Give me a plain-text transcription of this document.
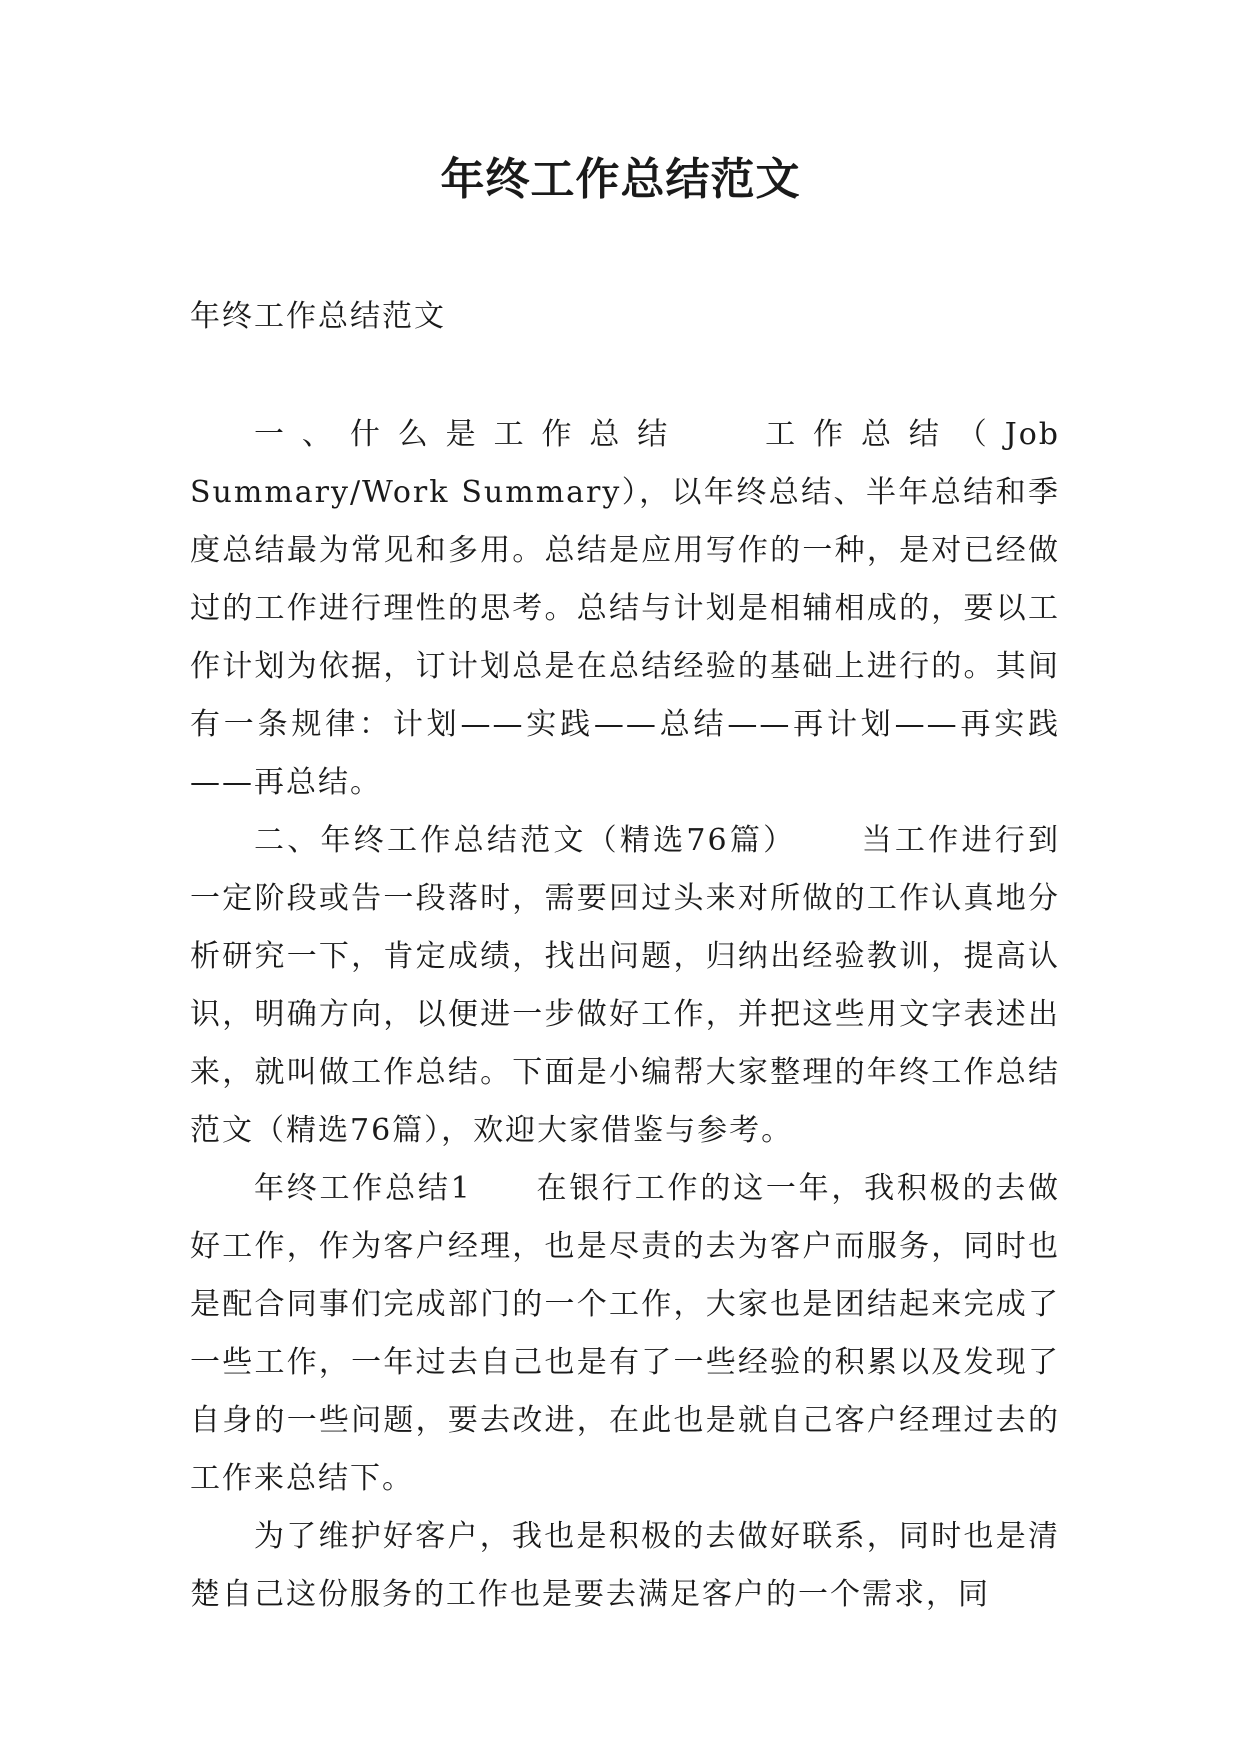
年终工作总结范文

年终工作总结范文

一、什么是工作总结 工作总结（Job Summary/Work Summary），以年终总结、半年总结和季度总结最为常见和多用。总结是应用写作的一种，是对已经做过的工作进行理性的思考。总结与计划是相辅相成的，要以工作计划为依据，订计划总是在总结经验的基础上进行的。其间有一条规律：计划——实践——总结——再计划——再实践——再总结。

二、年终工作总结范文（精选76篇） 当工作进行到一定阶段或告一段落时，需要回过头来对所做的工作认真地分析研究一下，肯定成绩，找出问题，归纳出经验教训，提高认识，明确方向，以便进一步做好工作，并把这些用文字表述出来，就叫做工作总结。下面是小编帮大家整理的年终工作总结范文（精选76篇），欢迎大家借鉴与参考。

年终工作总结1 在银行工作的这一年，我积极的去做好工作，作为客户经理，也是尽责的去为客户而服务，同时也是配合同事们完成部门的一个工作，大家也是团结起来完成了一些工作，一年过去自己也是有了一些经验的积累以及发现了自身的一些问题，要去改进，在此也是就自己客户经理过去的工作来总结下。

为了维护好客户，我也是积极的去做好联系，同时也是清楚自己这份服务的工作也是要去满足客户的一个需求，同
